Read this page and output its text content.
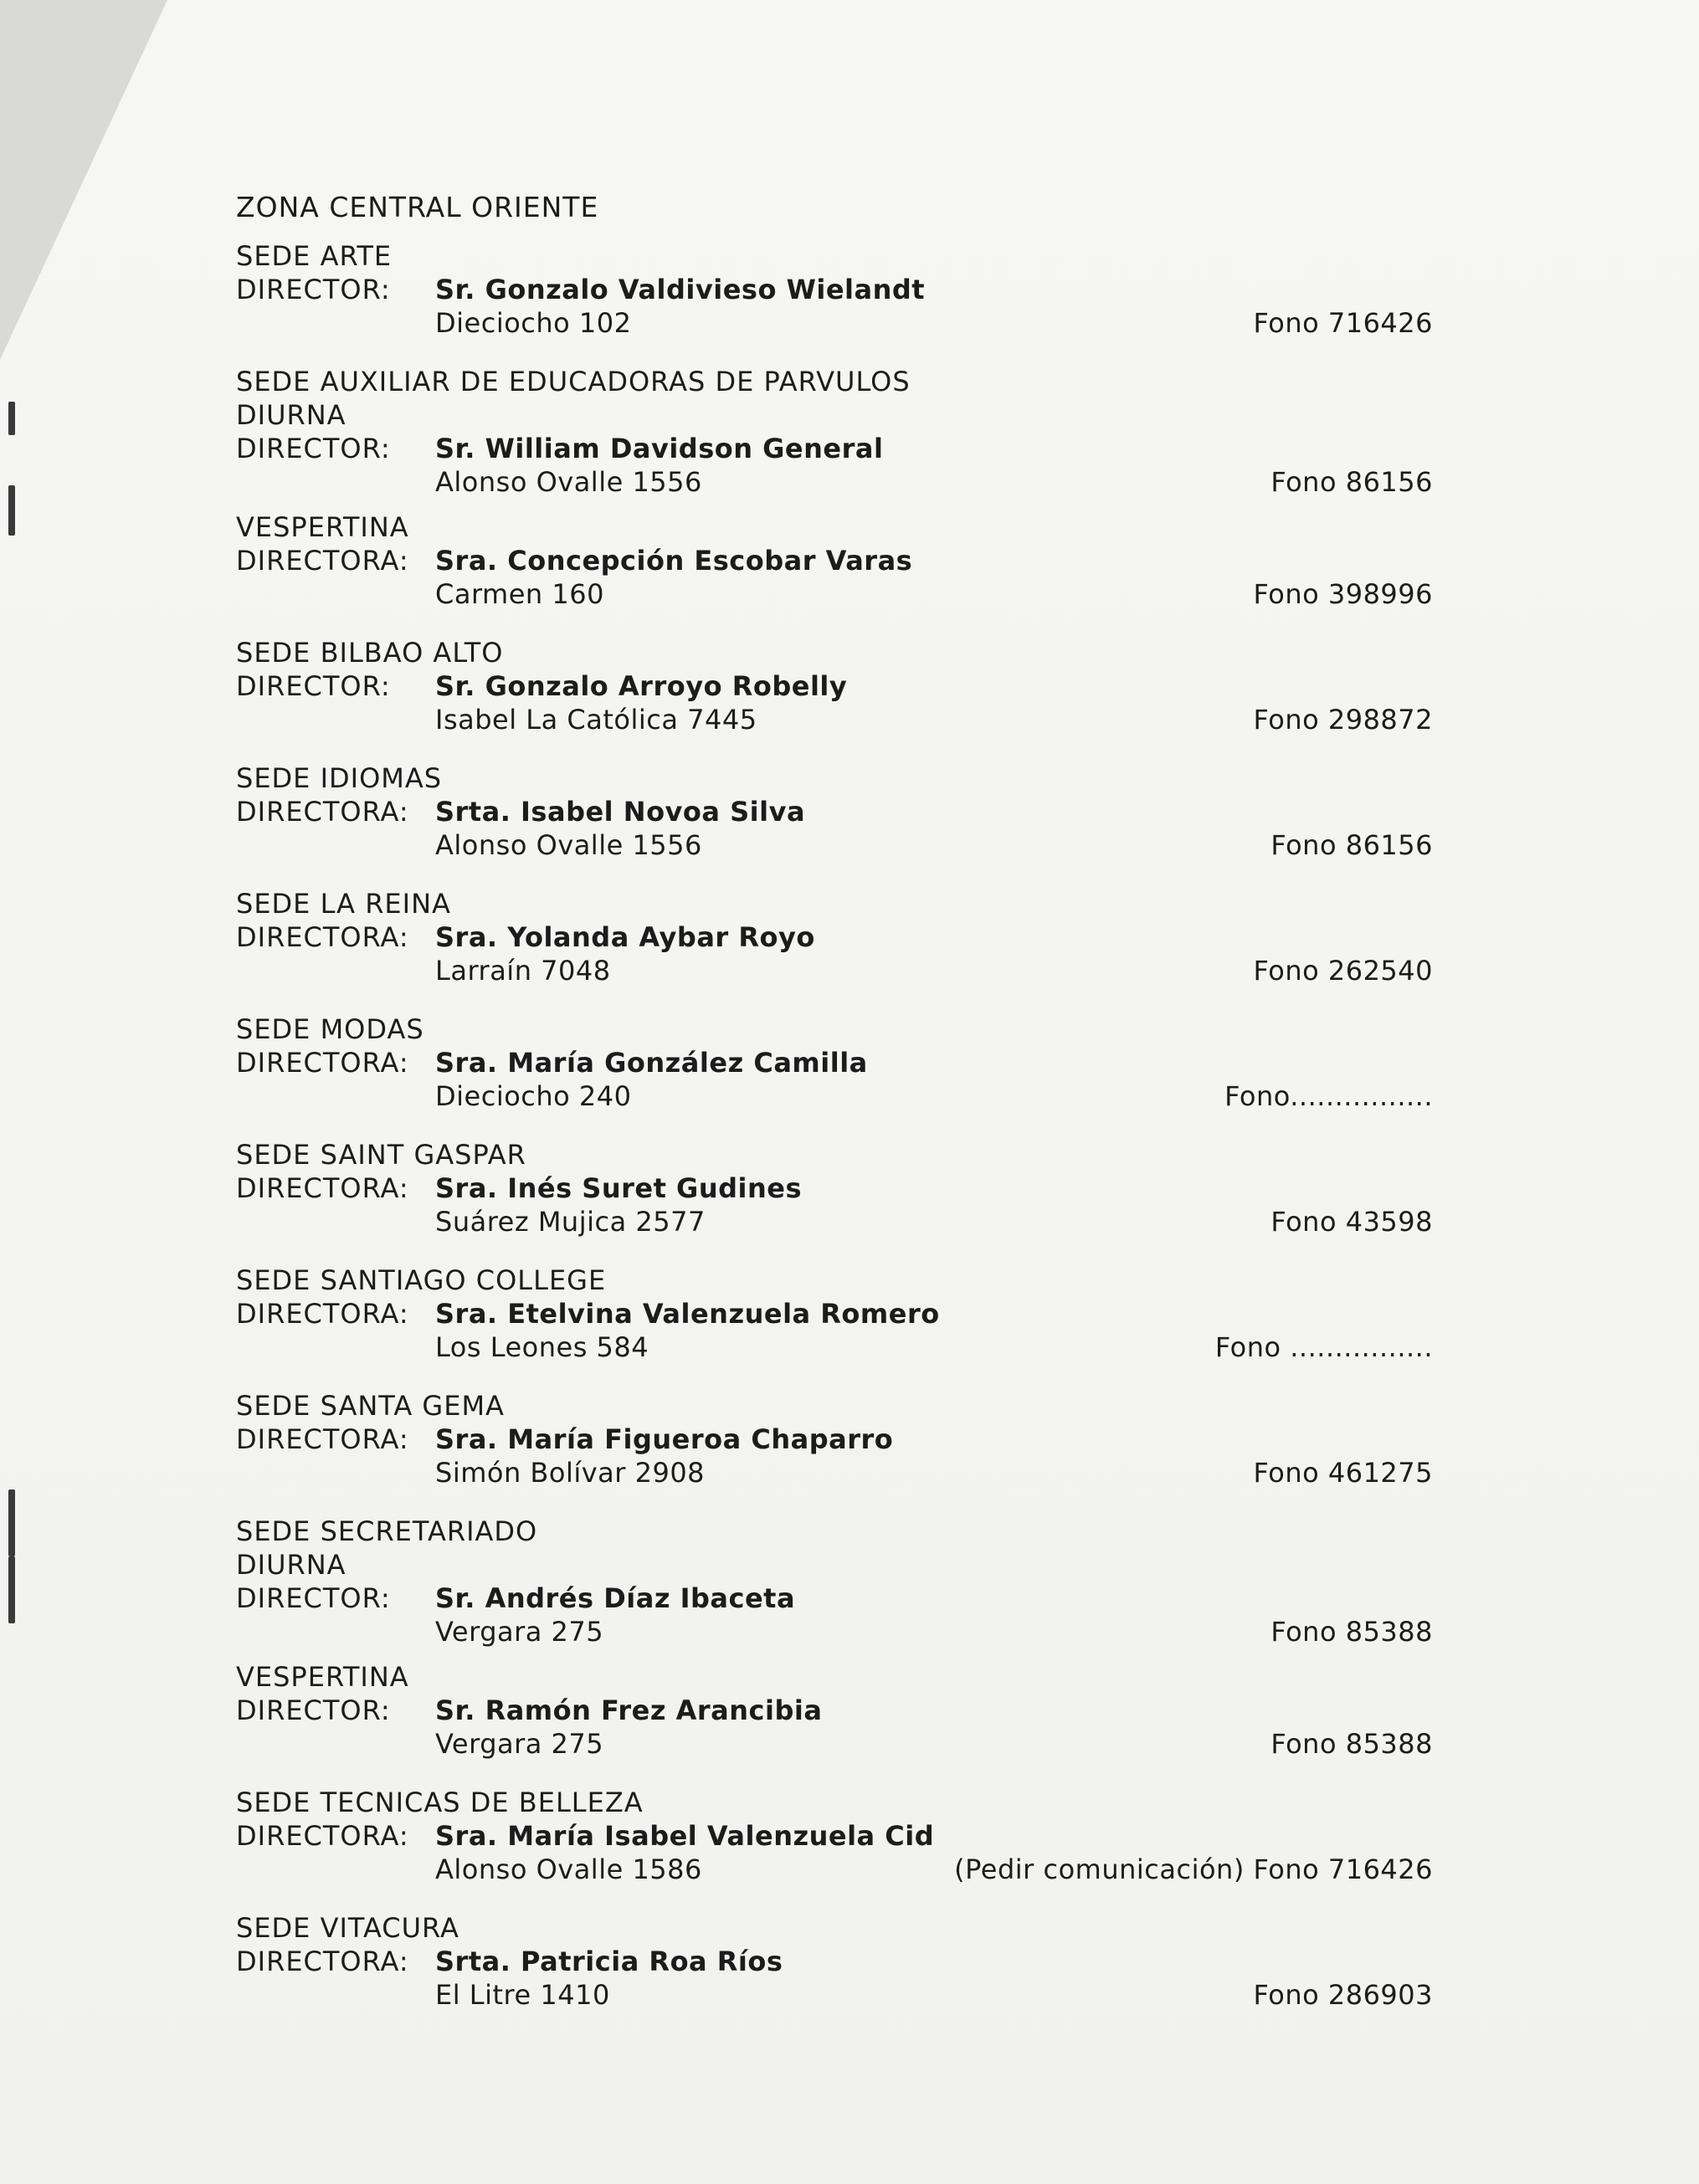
ZONA CENTRAL ORIENTE
SEDE ARTE
DIRECTOR: Sr. Gonzalo Valdivieso Wielandt
Dieciocho 102	Fono 716426
SEDE AUXILIAR DE EDUCADORAS DE PARVULOS
DIURNA
DIRECTOR: Sr. William Davidson General
Alonso Ovalle 1556	Fono 86156
VESPERTINA
DIRECTORA: Sra. Concepción Escobar Varas
Carmen 160	Fono 398996
SEDE BILBAO ALTO
DIRECTOR: Sr. Gonzalo Arroyo Robelly
Isabel La Católica 7445	Fono 298872
SEDE IDIOMAS
DIRECTORA: Srta. Isabel Novoa Silva
Alonso Ovalle 1556	Fono 86156
SEDE LA REINA
DIRECTORA: Sra. Yolanda Aybar Royo
Larraín 7048	Fono 262540
SEDE MODAS
DIRECTORA: Sra. María González Camilla
Dieciocho 240	Fono................
SEDE SAINT GASPAR
DIRECTORA: Sra. Inés Suret Gudines
Suárez Mujica 2577	Fono 43598
SEDE SANTIAGO COLLEGE
DIRECTORA: Sra. Etelvina Valenzuela Romero
Los Leones 584	Fono ................
SEDE SANTA GEMA
DIRECTORA: Sra. María Figueroa Chaparro
Simón Bolívar 2908	Fono 461275
SEDE SECRETARIADO
DIURNA
DIRECTOR: Sr. Andrés Díaz Ibaceta
Vergara 275	Fono 85388
VESPERTINA
DIRECTOR: Sr. Ramón Frez Arancibia
Vergara 275	Fono 85388
SEDE TECNICAS DE BELLEZA
DIRECTORA: Sra. María Isabel Valenzuela Cid
Alonso Ovalle 1586	(Pedir comunicación) Fono 716426
SEDE VITACURA
DIRECTORA: Srta. Patricia Roa Ríos
El Litre 1410	Fono 286903
